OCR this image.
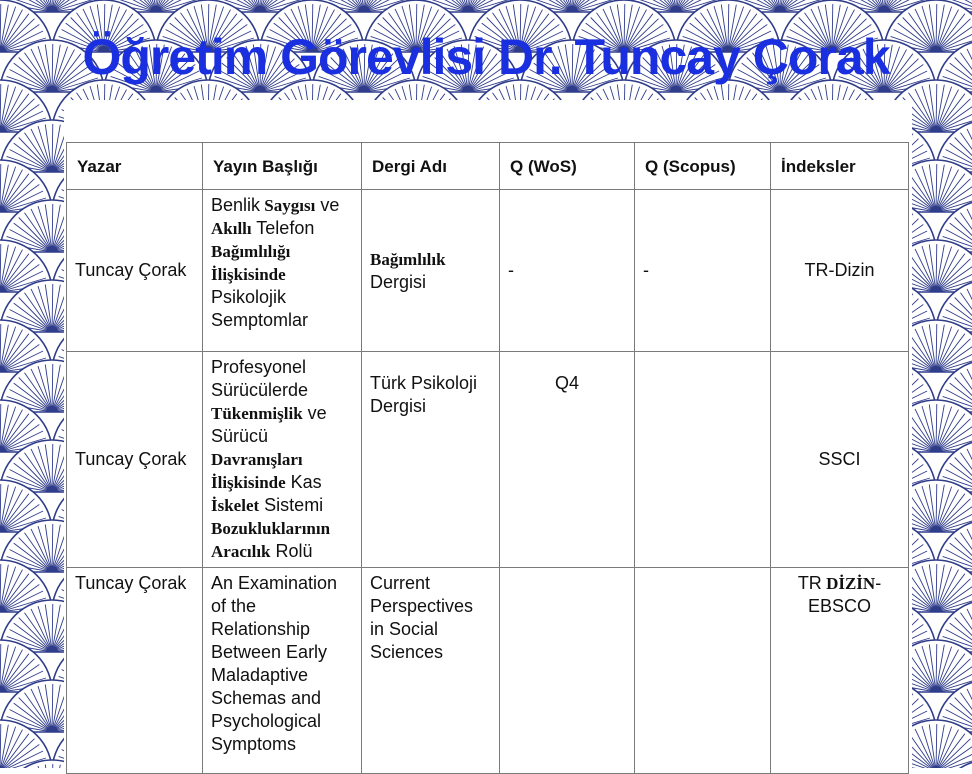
Öğretim Görevlisi Dr. Tuncay Çorak
Yazar	Yayın Başlığı	Dergi Adı	Q (WoS)	Q (Scopus)	İndeksler
Tuncay Çorak	Benlik Saygısı ve Akıllı Telefon Bağımlılığı İlişkisinde Psikolojik Semptomlar	Bağımlılık Dergisi	-	-	TR-Dizin
Tuncay Çorak	Profesyonel Sürücülerde Tükenmişlik ve Sürücü Davranışları İlişkisinde Kas İskelet Sistemi Bozukluklarının Aracılık Rolü	Türk Psikoloji Dergisi	Q4		SSCI
Tuncay Çorak	An Examination of the Relationship Between Early Maladaptive Schemas and Psychological Symptoms	Current Perspectives in Social Sciences			TR DİZİN- EBSCO
